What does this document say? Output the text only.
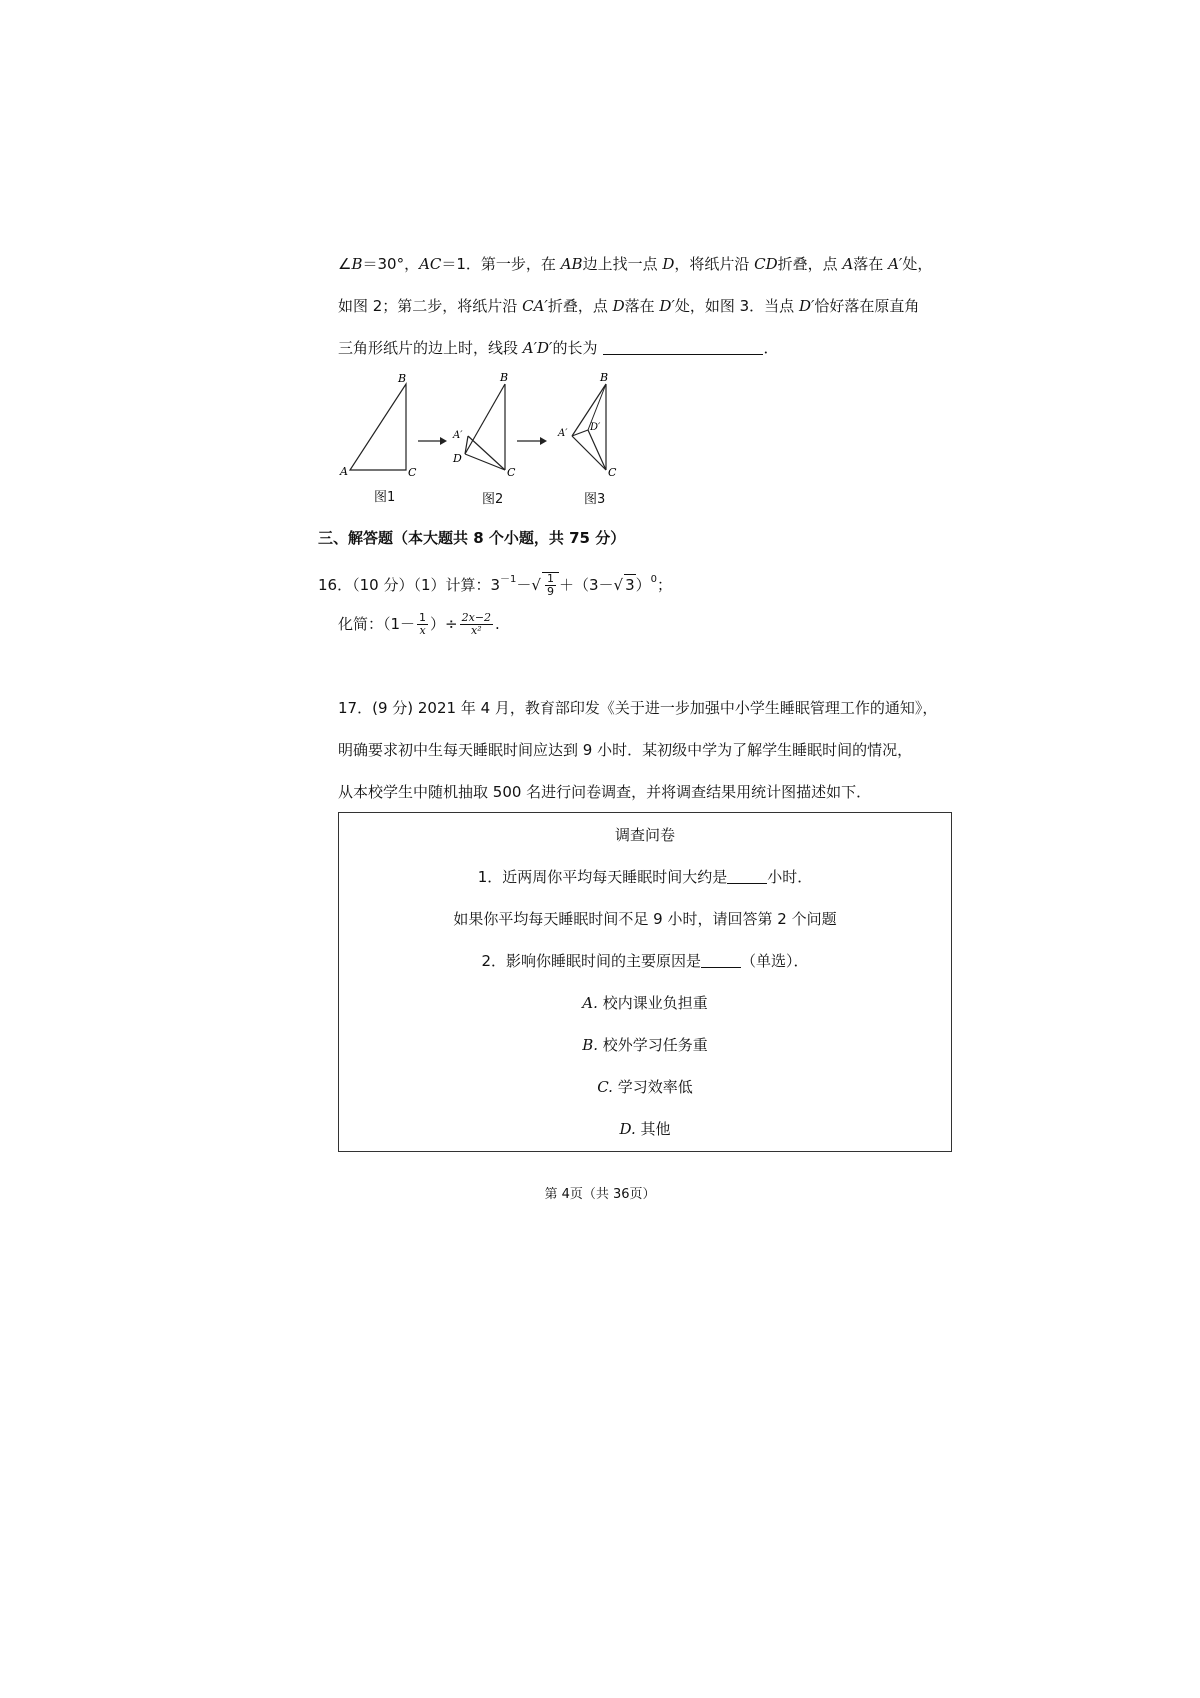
∠B＝30°，AC＝1．第一步，在 AB边上找一点 D，将纸片沿 CD折叠，点 A落在 A′处，
如图 2；第二步，将纸片沿 CA′折叠，点 D落在 D′处，如图 3．当点 D′恰好落在原直角
三角形纸片的边上时，线段 A′D′的长为	．
B
A	C
B
A′
D
C
B
A′
D′
C
图1	图2	图3
三、解答题（本大题共 8 个小题，共 75 分）
16．（10 分）（1）计算：$3^{-1}-√ \frac{1}{9} +(3-√$ 3）$^0$；
化简：（$1- \frac{1}{x}$ ）÷ $\frac{2x-2}{\text{x²}}$ .
17．(9 分) 2021 年 4 月，教育部印发《关于进一步加强中小学生睡眠管理工作的通知》，
明确要求初中生每天睡眠时间应达到 9 小时．某初级中学为了解学生睡眠时间的情况，
从本校学生中随机抽取 500 名进行问卷调查，并将调查结果用统计图描述如下．
调查问卷
1．近两周你平均每天睡眠时间大约是	小时．
如果你平均每天睡眠时间不足 9 小时，请回答第 2 个问题
2．影响你睡眠时间的主要原因是	（单选）．
A. 校内课业负担重
B. 校外学习任务重
C. 学习效率低
D. 其他
第 4页（共 36页）
